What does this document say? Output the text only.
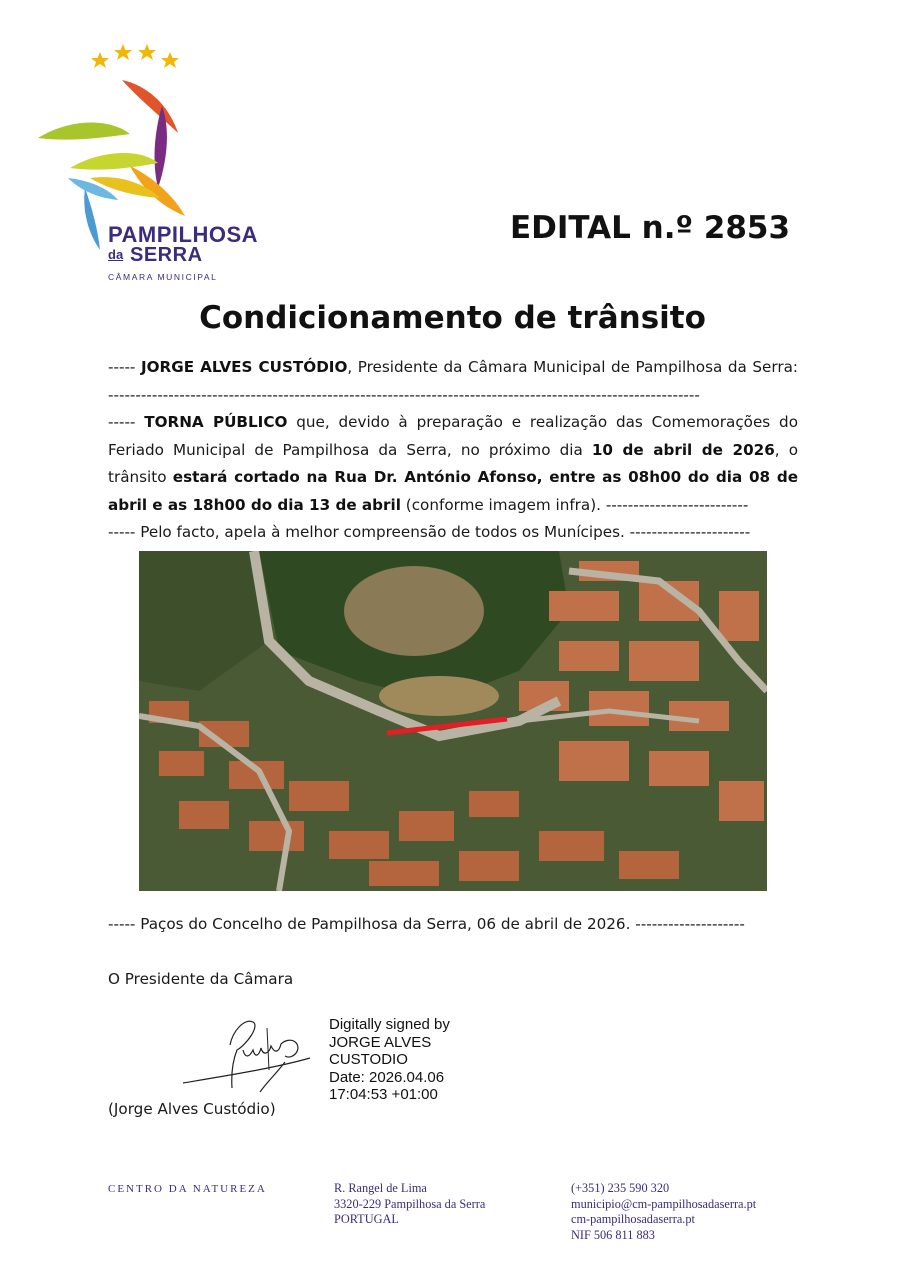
PAMPILHOSA
da SERRA
CÂMARA MUNICIPAL
EDITAL n.º 2853
Condicionamento de trânsito
----- JORGE ALVES CUSTÓDIO, Presidente da Câmara Municipal de Pampilhosa da Serra: ------------------------------------------------------------------------------------------------------------
----- TORNA PÚBLICO que, devido à preparação e realização das Comemorações do Feriado Municipal de Pampilhosa da Serra, no próximo dia 10 de abril de 2026, o trânsito estará cortado na Rua Dr. António Afonso, entre as 08h00 do dia 08 de abril e as 18h00 do dia 13 de abril (conforme imagem infra). --------------------------
----- Pelo facto, apela à melhor compreensão de todos os Munícipes. ----------------------
----- Paços do Concelho de Pampilhosa da Serra, 06 de abril de 2026. --------------------
O Presidente da Câmara
Digitally signed by
JORGE ALVES
CUSTODIO
Date: 2026.04.06
17:04:53 +01:00
(Jorge Alves Custódio)
CENTRO DA NATUREZA	R. Rangel de Lima
3320-229 Pampilhosa da Serra
PORTUGAL
(+351) 235 590 320
municipio@cm-pampilhosadaserra.pt
cm-pampilhosadaserra.pt
NIF 506 811 883
